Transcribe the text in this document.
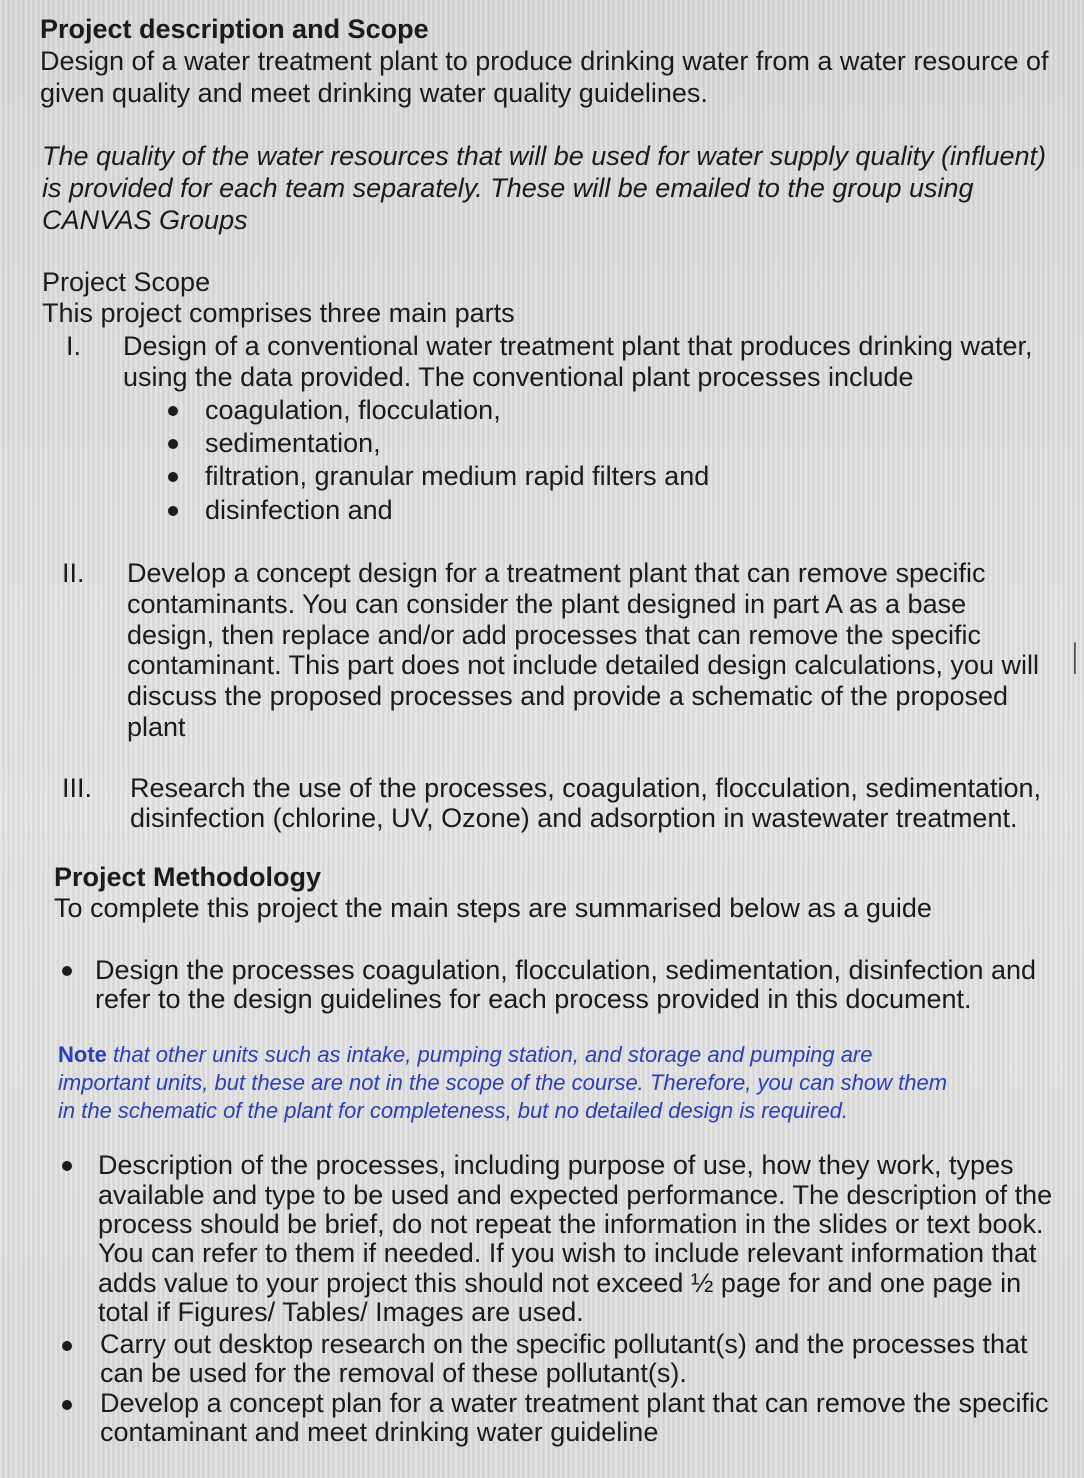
Project description and Scope
Design of a water treatment plant to produce drinking water from a water resource of
given quality and meet drinking water quality guidelines.
The quality of the water resources that will be used for water supply quality (influent)
is provided for each team separately. These will be emailed to the group using
CANVAS Groups
Project Scope
This project comprises three main parts
I. Design of a conventional water treatment plant that produces drinking water,
using the data provided. The conventional plant processes include
coagulation, flocculation,
sedimentation,
filtration, granular medium rapid filters and
disinfection and
II. Develop a concept design for a treatment plant that can remove specific
contaminants. You can consider the plant designed in part A as a base
design, then replace and/or add processes that can remove the specific
contaminant. This part does not include detailed design calculations, you will
discuss the proposed processes and provide a schematic of the proposed
plant
III. Research the use of the processes, coagulation, flocculation, sedimentation,
disinfection (chlorine, UV, Ozone) and adsorption in wastewater treatment.
Project Methodology
To complete this project the main steps are summarised below as a guide
Design the processes coagulation, flocculation, sedimentation, disinfection and
refer to the design guidelines for each process provided in this document.
Note that other units such as intake, pumping station, and storage and pumping are
important units, but these are not in the scope of the course. Therefore, you can show them
in the schematic of the plant for completeness, but no detailed design is required.
Description of the processes, including purpose of use, how they work, types
available and type to be used and expected performance. The description of the
process should be brief, do not repeat the information in the slides or text book.
You can refer to them if needed. If you wish to include relevant information that
adds value to your project this should not exceed ½ page for and one page in
total if Figures/ Tables/ Images are used.
Carry out desktop research on the specific pollutant(s) and the processes that
can be used for the removal of these pollutant(s).
Develop a concept plan for a water treatment plant that can remove the specific
contaminant and meet drinking water guideline
│
